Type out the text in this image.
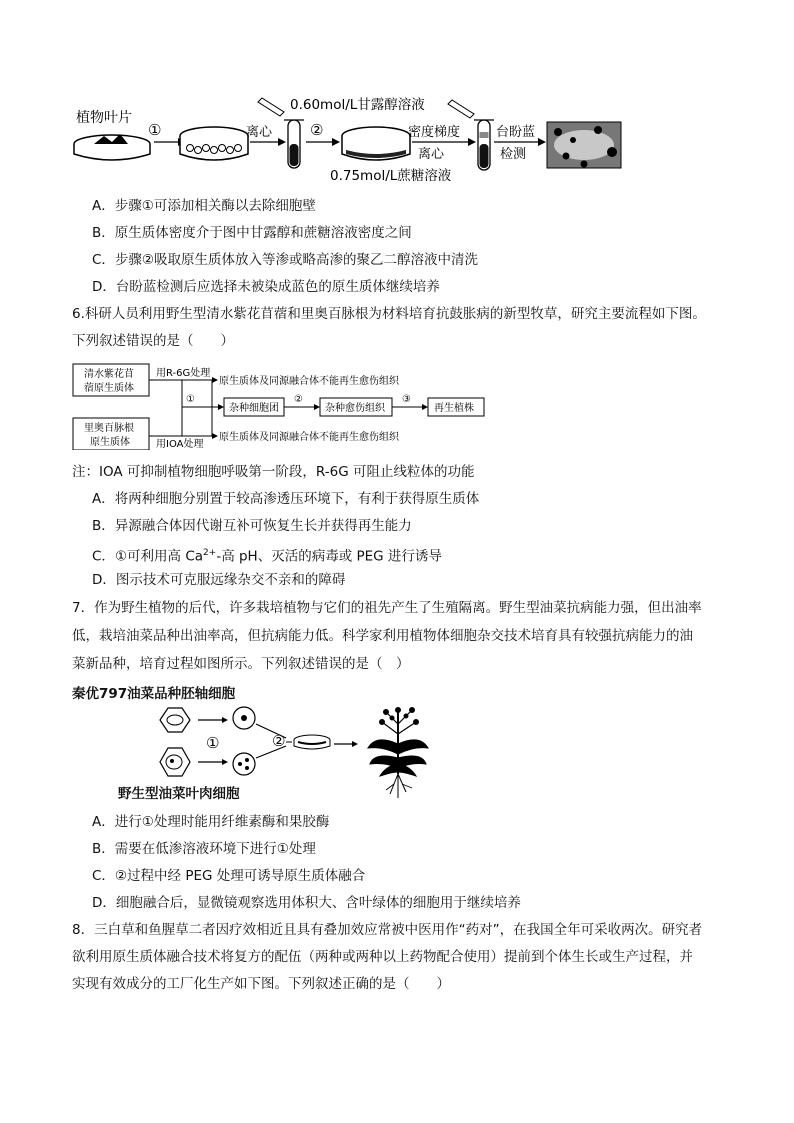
植物叶片
①	离心	②
0.60mol/L甘露醇溶液
密度梯度
离心
0.75mol/L蔗糖溶液
台盼蓝
检测
A．步骤①可添加相关酶以去除细胞壁
B．原生质体密度介于图中甘露醇和蔗糖溶液密度之间
C．步骤②吸取原生质体放入等渗或略高渗的聚乙二醇溶液中清洗
D．台盼蓝检测后应选择未被染成蓝色的原生质体继续培养
6.科研人员利用野生型清水紫花苜蓿和里奥百脉根为材料培育抗鼓胀病的新型牧草，研究主要流程如下图。
下列叙述错误的是（　　）
清水紫花苜
蓿原生质体
里奥百脉根
原生质体
用R-6G处理
用IOA处理
原生质体及同源融合体不能再生愈伤组织
原生质体及同源融合体不能再生愈伤组织
①
杂种细胞团
②
杂种愈伤组织
③
再生植株
注：IOA 可抑制植物细胞呼吸第一阶段，R-6G 可阻止线粒体的功能
A．将两种细胞分别置于较高渗透压环境下，有利于获得原生质体
B．异源融合体因代谢互补可恢复生长并获得再生能力
C．①可利用高 $Ca^{2+}-$高 pH、灭活的病毒或 PEG 进行诱导
D．图示技术可克服远缘杂交不亲和的障碍
7．作为野生植物的后代，许多栽培植物与它们的祖先产生了生殖隔离。野生型油菜抗病能力强，但出油率
低，栽培油菜品种出油率高，但抗病能力低。科学家利用植物体细胞杂交技术培育具有较强抗病能力的油
菜新品种，培育过程如图所示。下列叙述错误的是（　）
秦优797油菜品种胚轴细胞
①	②
野生型油菜叶肉细胞
A．进行①处理时能用纤维素酶和果胶酶
B．需要在低渗溶液环境下进行①处理
C．②过程中经 PEG 处理可诱导原生质体融合
D．细胞融合后，显微镜观察选用体积大、含叶绿体的细胞用于继续培养
8．三白草和鱼腥草二者因疗效相近且具有叠加效应常被中医用作“药对”，在我国全年可采收两次。研究者
欲利用原生质体融合技术将复方的配伍（两种或两种以上药物配合使用）提前到个体生长或生产过程，并
实现有效成分的工厂化生产如下图。下列叙述正确的是（　　）
